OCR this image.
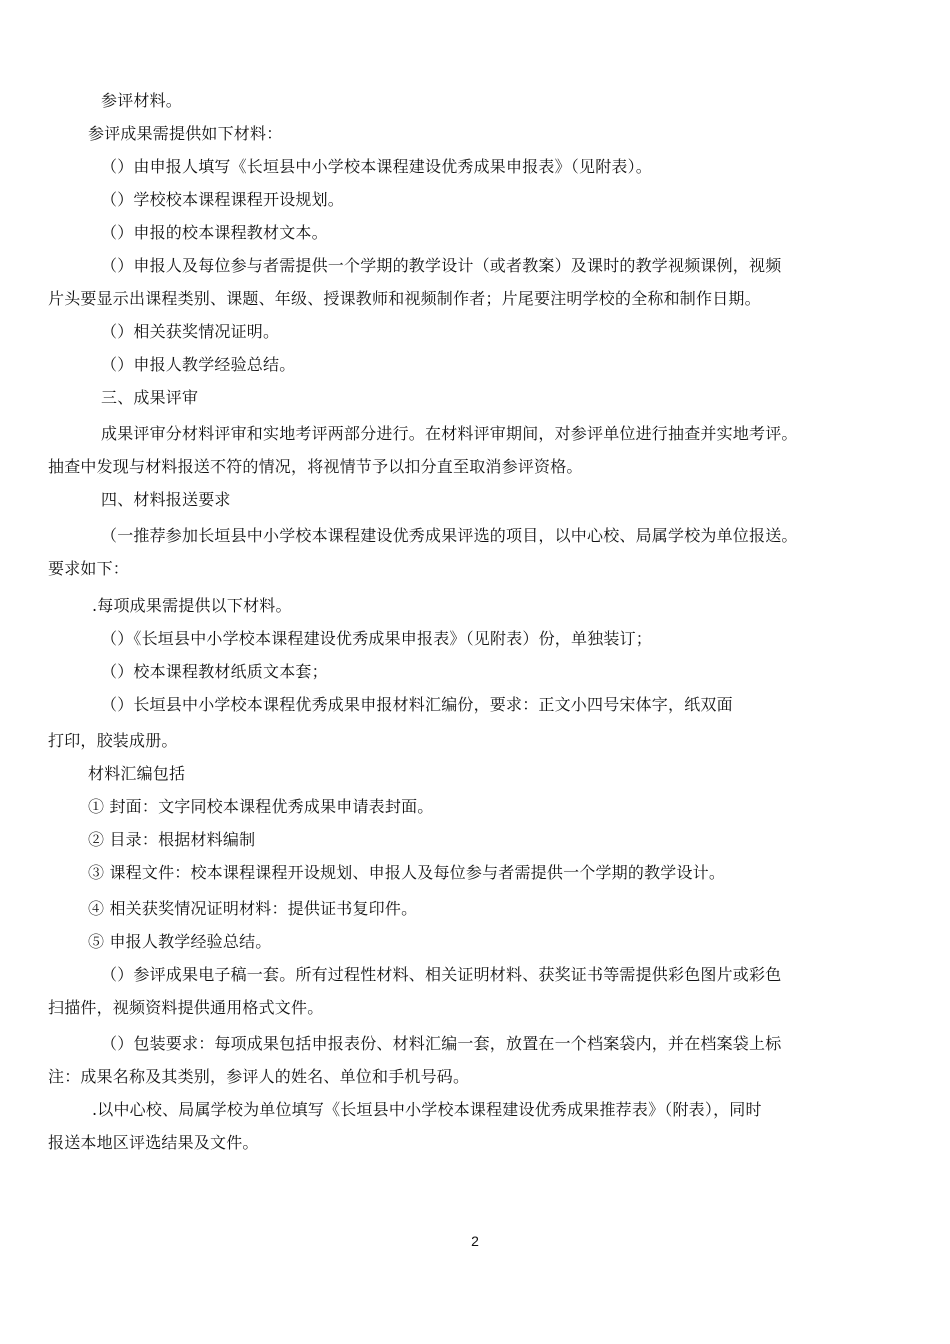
参评材料。
参评成果需提供如下材料：
（）由申报人填写《长垣县中小学校本课程建设优秀成果申报表》（见附表）。
（）学校校本课程课程开设规划。
（）申报的校本课程教材文本。
（）申报人及每位参与者需提供一个学期的教学设计（或者教案）及课时的教学视频课例，视频
片头要显示出课程类别、课题、年级、授课教师和视频制作者；片尾要注明学校的全称和制作日期。
（）相关获奖情况证明。
（）申报人教学经验总结。
三、成果评审
成果评审分材料评审和实地考评两部分进行。在材料评审期间，对参评单位进行抽查并实地考评。
抽查中发现与材料报送不符的情况，将视情节予以扣分直至取消参评资格。
四、材料报送要求
（一推荐参加长垣县中小学校本课程建设优秀成果评选的项目，以中心校、局属学校为单位报送。
要求如下：
.每项成果需提供以下材料。
（）《长垣县中小学校本课程建设优秀成果申报表》（见附表）份，单独装订；
（）校本课程教材纸质文本套；
（）长垣县中小学校本课程优秀成果申报材料汇编份，要求：正文小四号宋体字，纸双面
打印，胶装成册。
材料汇编包括
① 封面：文字同校本课程优秀成果申请表封面。
② 目录：根据材料编制
③ 课程文件：校本课程课程开设规划、申报人及每位参与者需提供一个学期的教学设计。
④ 相关获奖情况证明材料：提供证书复印件。
⑤ 申报人教学经验总结。
（）参评成果电子稿一套。所有过程性材料、相关证明材料、获奖证书等需提供彩色图片或彩色
扫描件，视频资料提供通用格式文件。
（）包装要求：每项成果包括申报表份、材料汇编一套，放置在一个档案袋内，并在档案袋上标
注：成果名称及其类别，参评人的姓名、单位和手机号码。
.以中心校、局属学校为单位填写《长垣县中小学校本课程建设优秀成果推荐表》（附表），同时
报送本地区评选结果及文件。
2
